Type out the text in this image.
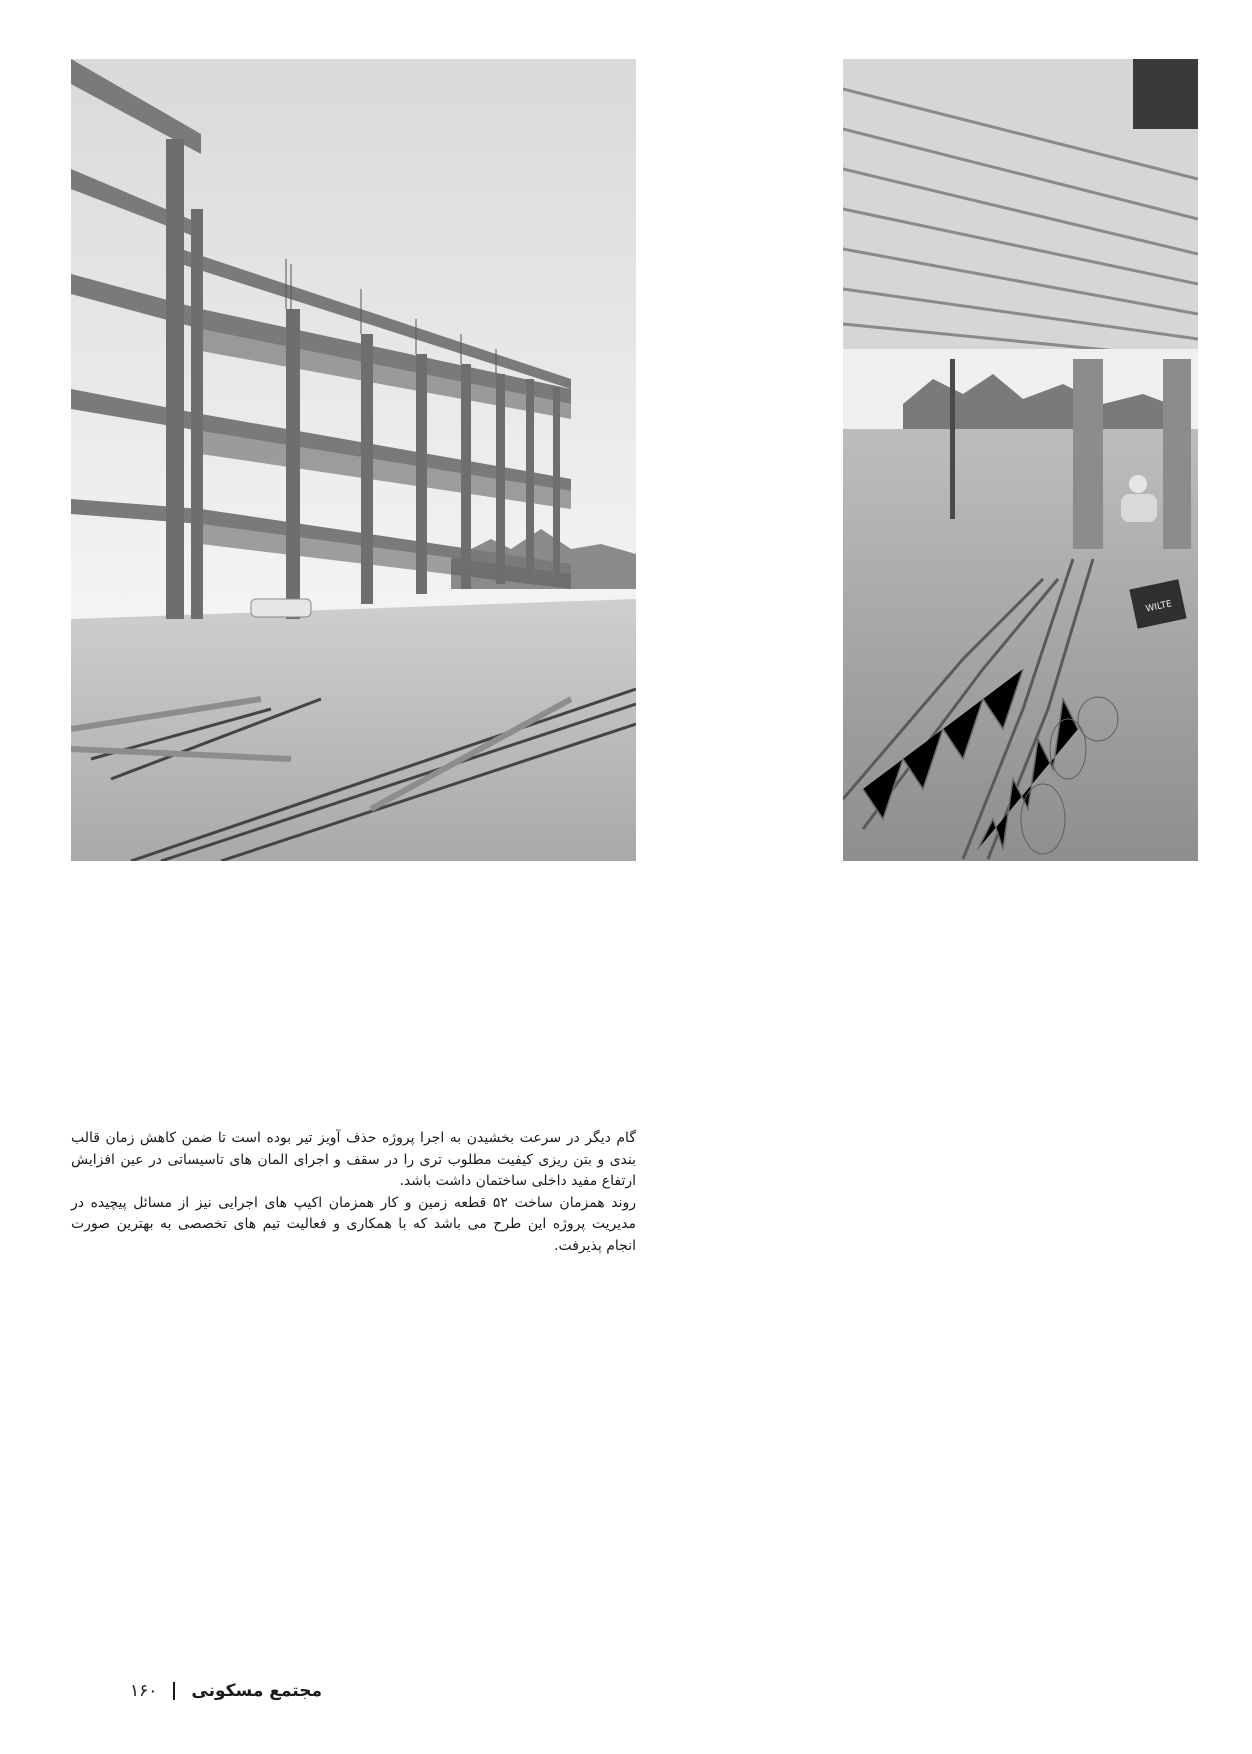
WILTE

گام دیگر در سرعت بخشیدن به اجرا پروژه حذف آویز تیر بوده است تا ضمن کاهش زمان قالب بندی و بتن ریزی کیفیت مطلوب تری را در سقف و اجرای المان های تاسیساتی در عین افزایش ارتفاع مفید داخلی ساختمان داشت باشد.

روند همزمان ساخت ۵۲ قطعه زمین و کار همزمان اکیپ های اجرایی نیز از مسائل پیچیده در مدیریت پروژه این طرح می باشد که با همکاری و فعالیت تیم های تخصصی به بهترین صورت انجام پذیرفت.

۱۶۰ مجتمع مسکونی
